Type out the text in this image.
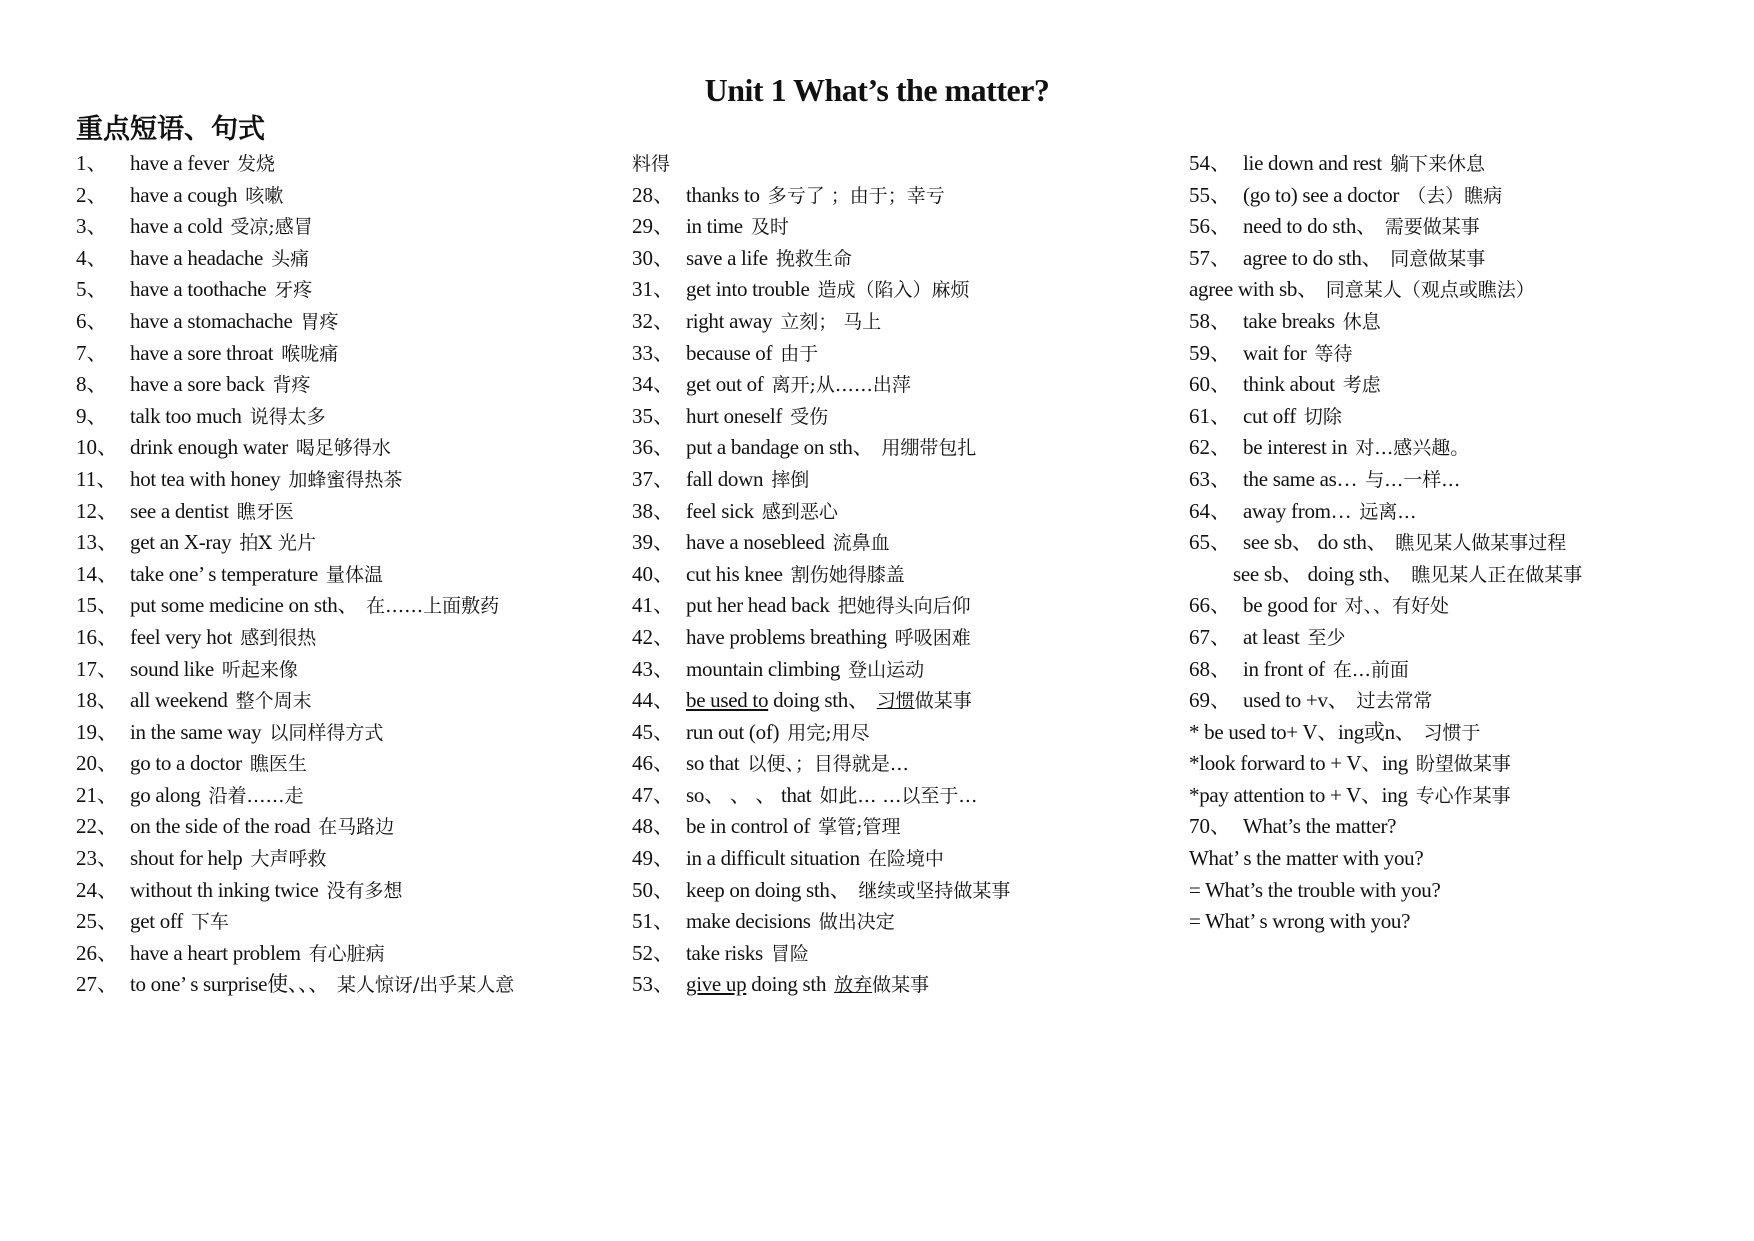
Unit 1 What’s the matter?
重点短语、句式
1、 have a fever 发烧
2、 have a cough 咳嗽
3、 have a cold 受凉;感冒
4、 have a headache 头痛
5、 have a toothache 牙疼
6、 have a stomachache 胃疼
7、 have a sore throat 喉咙痛
8、 have a sore back 背疼
9、 talk too much 说得太多
10、 drink enough water 喝足够得水
11、 hot tea with honey 加蜂蜜得热茶
12、 see a dentist 瞧牙医
13、 get an X-ray 拍X 光片
14、 take one’ s temperature 量体温
15、 put some medicine on sth、 在……上面敷药
16、 feel very hot 感到很热
17、 sound like 听起来像
18、 all weekend 整个周末
19、 in the same way 以同样得方式
20、 go to a doctor 瞧医生
21、 go along 沿着……走
22、 on the side of the road 在马路边
23、 shout for help 大声呼救
24、 without th inking twice 没有多想
25、 get off 下车
26、 have a heart problem 有心脏病
27、 to one’ s surprise使、、、 某人惊讶/出乎某人意
料得
28、 thanks to 多亏了 ；由于；幸亏
29、 in time 及时
30、 save a life 挽救生命
31、 get into trouble 造成（陷入）麻烦
32、 right away 立刻； 马上
33、 because of 由于
34、 get out of 离开;从……出萍
35、 hurt oneself 受伤
36、 put a bandage on sth、 用绷带包扎
37、 fall down 摔倒
38、 feel sick 感到恶心
39、 have a nosebleed 流鼻血
40、 cut his knee 割伤她得膝盖
41、 put her head back 把她得头向后仰
42、 have problems breathing 呼吸困难
43、 mountain climbing 登山运动
44、 be used to doing sth、 习惯做某事
45、 run out (of) 用完;用尽
46、 so that 以便、；目得就是…
47、 so、 、 、 that 如此… …以至于…
48、 be in control of 掌管;管理
49、 in a difficult situation 在险境中
50、 keep on doing sth、 继续或坚持做某事
51、 make decisions 做出决定
52、 take risks 冒险
53、 give up doing sth 放弃做某事
54、 lie down and rest 躺下来休息
55、 (go to) see a doctor （去）瞧病
56、 need to do sth、 需要做某事
57、 agree to do sth、 同意做某事
agree with sb、 同意某人（观点或瞧法）
58、 take breaks 休息
59、 wait for 等待
60、 think about 考虑
61、 cut off 切除
62、 be interest in 对…感兴趣。
63、 the same as… 与…一样…
64、 away from… 远离…
65、 see sb、 do sth、 瞧见某人做某事过程
see sb、 doing sth、 瞧见某人正在做某事
66、 be good for 对、、有好处
67、 at least 至少
68、 in front of 在…前面
69、 used to +v、 过去常常
* be used to+ V、ing或n、 习惯于
*look forward to + V、ing 盼望做某事
*pay attention to + V、ing 专心作某事
70、 What’s the matter?
What’ s the matter with you?
= What’s the trouble with you?
= What’ s wrong with you?
